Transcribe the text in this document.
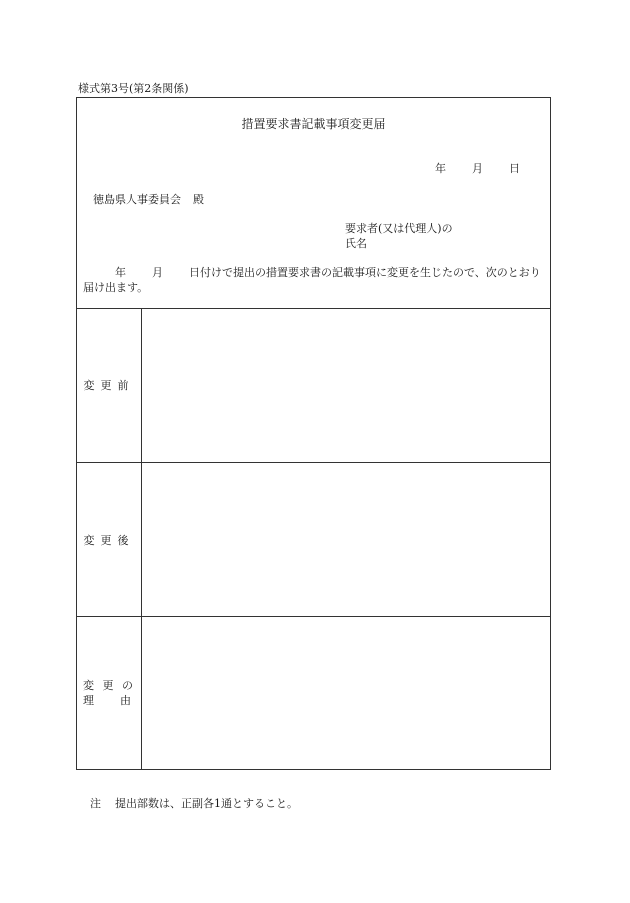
様式第3号(第2条関係)
措置要求書記載事項変更届
年 月 日
徳島県人事委員会 殿
要求者(又は代理人)の
氏名
年 月 日付けで提出の措置要求書の記載事項に変更を生じたので、次のとおり届け出ます。
変更前
変更後
変 更 の
理 由
注 提出部数は、正副各1通とすること。
